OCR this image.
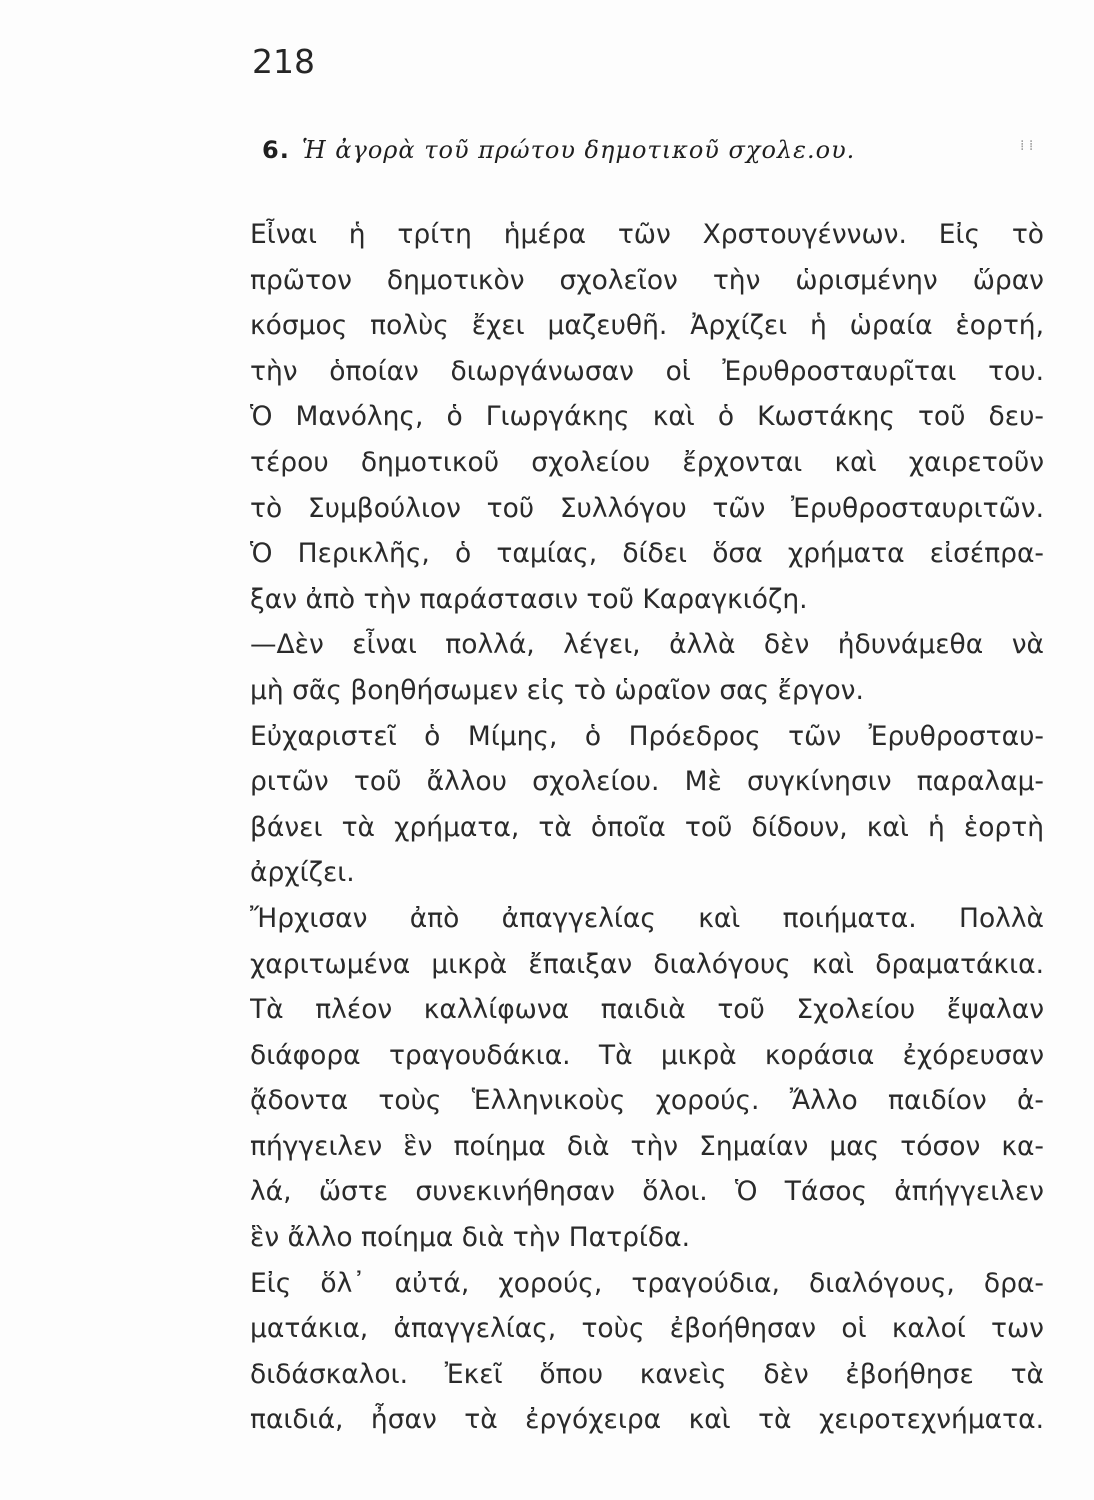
218
6. Ἡ ἀγορὰ τοῦ πρώτου δημοτικοῦ σχολε.ου.	⁞ ⁞
Εἶναι ἡ τρίτη ἡμέρα τῶν Χρστουγέννων. Εἰς τὸ
πρῶτον δημοτικὸν σχολεῖον τὴν ὡρισμένην ὥραν
κόσμος πολὺς ἔχει μαζευθῆ. Ἀρχίζει ἡ ὡραία ἑορτή,
τὴν ὁποίαν διωργάνωσαν οἱ Ἐρυθροσταυρῖται του.
Ὁ Μανόλης, ὁ Γιωργάκης καὶ ὁ Κωστάκης τοῦ δευ-
τέρου δημοτικοῦ σχολείου ἔρχονται καὶ χαιρετοῦν
τὸ Συμβούλιον τοῦ Συλλόγου τῶν Ἐρυθροσταυριτῶν.
Ὁ Περικλῆς, ὁ ταμίας, δίδει ὅσα χρήματα εἰσέπρα-
ξαν ἀπὸ τὴν παράστασιν τοῦ Καραγκιόζη.
—Δὲν εἶναι πολλά, λέγει, ἀλλὰ δὲν ἠδυνάμεθα νὰ
μὴ σᾶς βοηθήσωμεν εἰς τὸ ὡραῖον σας ἔργον.
Εὐχαριστεῖ ὁ Μίμης, ὁ Πρόεδρος τῶν Ἐρυθροσταυ-
ριτῶν τοῦ ἄλλου σχολείου. Μὲ συγκίνησιν παραλαμ-
βάνει τὰ χρήματα, τὰ ὁποῖα τοῦ δίδουν, καὶ ἡ ἑορτὴ
ἀρχίζει.
Ἤρχισαν ἀπὸ ἀπαγγελίας καὶ ποιήματα. Πολλὰ
χαριτωμένα μικρὰ ἔπαιξαν διαλόγους καὶ δραματάκια.
Τὰ πλέον καλλίφωνα παιδιὰ τοῦ Σχολείου ἔψαλαν
διάφορα τραγουδάκια. Τὰ μικρὰ κοράσια ἐχόρευσαν
ᾄδοντα τοὺς Ἑλληνικοὺς χορούς. Ἄλλο παιδίον ἀ-
πήγγειλεν ἓν ποίημα διὰ τὴν Σημαίαν μας τόσον κα-
λά, ὥστε συνεκινήθησαν ὅλοι. Ὁ Τάσος ἀπήγγειλεν
ἓν ἄλλο ποίημα διὰ τὴν Πατρίδα.
Εἰς ὅλ᾽ αὐτά, χορούς, τραγούδια, διαλόγους, δρα-
ματάκια, ἀπαγγελίας, τοὺς ἐβοήθησαν οἱ καλοί των
διδάσκαλοι. Ἐκεῖ ὅπου κανεὶς δὲν ἐβοήθησε τὰ
παιδιά, ἦσαν τὰ ἐργόχειρα καὶ τὰ χειροτεχνήματα.
